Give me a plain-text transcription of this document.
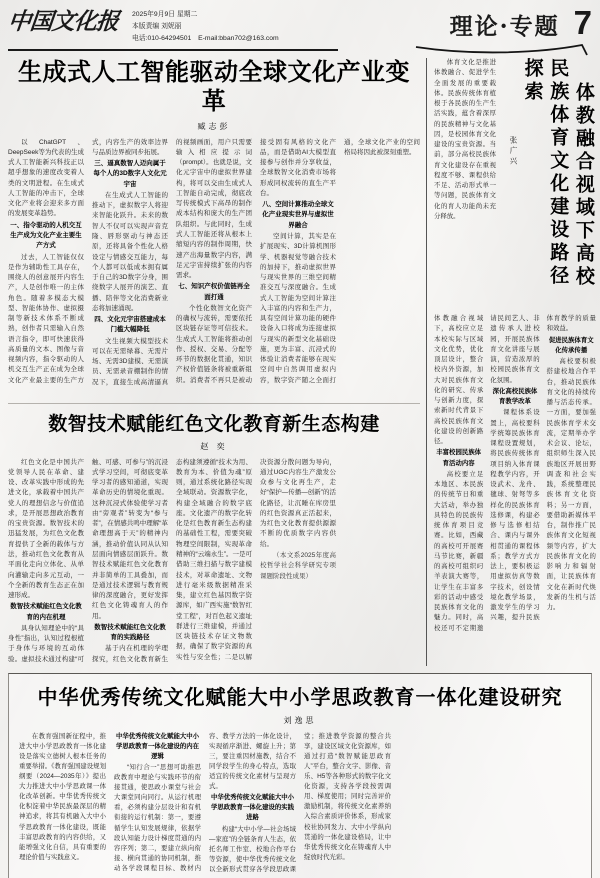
中国文化报 2025年9月9日 星期二
本版责编 刘妮丽
电话:010-64294501　E-mail:bban702@163.com	理论·专题 7
生成式人工智能驱动全球文化产业变革
臧志彭

以ChatGPT、DeepSeek等为代表的生成式人工智能新兴科技正以超乎想象的速度改变着人类的文明进程。在生成式人工智能的冲击下，全球文化产业将会迎来多方面的发展变革趋势。

一、指令驱动的人机交互生产成为文化产业主要生产方式

过去，人工智能仅仅是作为辅助性工具存在，围绕人的创意展开内容生产，人是创作唯一的主体角色。随着多模态大模型、智能体协作、虚拟摄制等新技术体系不断成熟，创作者只需输入自然语言指令，即可快速获得高质量的文本、图像与音视频内容，指令驱动的人机交互生产正在成为全球文化产业最主要的生产方式，内容生产的效率边界与品质边界被同步拓展。

三、逼真数智人迈向属于每个人的3D数字人文化元宇宙

在生成式人工智能的推动下，虚拟数字人将迎来智能化跃升。未来的数智人不仅可以实现声音克隆、唇形驱动与神态还原，还将具备个性化人格设定与情感交互能力，每个人都可以低成本拥有属于自己的3D数字分身，围绕数字人展开的演艺、直播、陪伴等文化消费新业态将加速涌现。

四、文化元宇宙搭建成本门槛大幅降低

文生视频大模型技术可以在无需绿幕、无需片场、无需3D建模、无需演员、无需录音棚制作的情况下，直接生成高清逼真的视频画面，用户只需要输入相应提示词（prompt）。也就是说，文化元宇宙中的虚拟世界建构，将可以交由生成式人工智能自动完成，彻底改写传统模式下高昂的制作成本结构和庞大的生产团队组织。与此同时，生成式人工智能还将从根本上缩短内容的制作周期，快速产出海量数字内容，满足元宇宙持续扩张的内容需求。

七、知识产权价值链再全面打通

个性化数智文化资产的确权与流转，需要依托区块链存证等可信技术。生成式人工智能将推动创作、授权、交易、分配等环节的数据化贯通，知识产权价值链条将被重新组织。消费者不再只是被动接受固有风格的文化产品，而是借助AI大模型直接参与创作并分享收益，全球数智文化消费市场将形成同权流转的直生产平台。

八、空间计算推动全球文化产业现实世界与虚拟世界融合

空间计算，其实是在扩展现实、3D计算机图形学、机器视觉等融合技术的加持下，推动虚拟世界与现实世界的三维空间精准交互与深度融合。生成式人工智能为空间计算注入丰富的内容和生产力，具有空间计算功能的硬件设备入口将成为连接虚拟与现实的新型文化基础设施，更为丰富、沉浸式的体验让消费者能够在现实空间中自然调用虚拟内容，数字资产随之全面打通，全球文化产业的空间格局将因此被深刻重塑。

数智技术赋能红色文化教育新生态构建
赵 奕

红色文化是中国共产党领导人民在革命、建设、改革实践中形成的先进文化，承载着中国共产党人的理想信念与价值追求，是开展思想政治教育的宝贵资源。数智技术的迅猛发展，为红色文化教育提供了全新的载体与方法，推动红色文化教育从平面化走向立体化、从单向灌输走向多元互动，一个全新的教育生态正在加速形成。

数智技术赋能红色文化教育的内在机理

具身认知理论中的“具身性”指出，认知过程根植于身体与环境的互动体验。虚拟技术通过构建“可触、可感、可参与”的沉浸式学习空间，可彻底变革学习者的感知通道，实现革命历史的情境化重现。这种沉浸式体验使学习者由“旁观者”转变为“参与者”，在情感共鸣中理解“革命理想高于天”的精神内涵，推动价值认同从认知层面向情感层面跃升。数智技术赋能红色文化教育并非简单的工具叠加，而是通过技术逻辑与教育规律的深度融合，更好发挥红色文化铸魂育人的作用。

数智技术赋能红色文化教育的实践路径

基于内在机理的学理探究，红色文化教育新生态构建须遵循“技术为用、教育为本、价值为魂”原则，通过系统化路径实现全域联动。资源数字化，构建全域融合的数字底座。文化遗产的数字化转化是红色教育新生态构建的基础性工程，需要突破物理空间限制，实现革命精神的“云端永生”。一是可借助三维扫描与数字建模技术，对革命遗址、文物进行毫米级数据精准采集，建立红色基因数字资源库，如广西实施“数智红堂工程”，对百色起义遗址群进行三维建模，并通过区块链技术存证文物数据，确保了数字资源的真实性与安全性；二是以解决资源分散问题为导向，通过UGC内容生产激发公众参与文化再生产，走好“保护—传播—创新”的活化路径，让沉睡在库房里的红色资源真正活起来，为红色文化教育提供源源不断的优质数字内容供给。

（本文系2025年度高校哲学社会科学研究专项课题阶段性成果）

体育文化是推进体教融合、促进学生全面发展的重要载体。民族传统体育植根于各民族的生产生活实践，蕴含着深厚的民族精神与文化基因，是校园体育文化建设的宝贵资源。当前，部分高校民族体育文化建设存在重视程度不够、课程供给不足、活动形式单一等问题，民族体育文化的育人功能尚未充分释放。

张广兴	体教融合视域下高校
民族体育文化建设路径探索

体教融合视域下，高校应立足本校实际与区域文化优势，优化顶层设计，整合校内外资源，加大对民族体育文化的研究、传承与创新力度，探索新时代背景下高校民族体育文化建设的创新路径。

丰富校园民族体育活动内容

高校要立足本地区、本民族的传统节日和重大活动，举办独具特色的民族传统体育项目竞赛。比如，西藏的高校可开展赛马节比赛，新疆的高校可组织叼羊表演大赛等，让学生在丰富多彩的活动中感受民族体育文化的魅力。同时，高校还可不定期邀请民间艺人、非遗传承人进校园，开展民族体育文化讲座与展演，营造浓厚的校园民族体育文化氛围。

深化高校民族体育教学改革

课程体系设置上，高校要科学统筹民族体育课程设置规划，将民族传统体育项目纳入体育课程教学内容，开设武术、龙舟、毽球、射弩等多样化的民族体育选修课，构建必修与选修相结合、课内与课外相贯通的课程体系；教学方式方法上，要积极运用虚拟仿真等数字技术，创设情境化教学场景，激发学生的学习兴趣，提升民族体育教学的质量和效益。

促进民族体育文化传承传播

高校要积极搭建校地合作平台，推动民族体育文化的持续传播与活态传承。一方面，要加强民族体育学术交流，定期举办学术会议、论坛，组织师生深入民族地区开展田野调查和社会实践，系统整理民族体育文化资料；另一方面，要借助新媒体平台，制作推广民族体育文化短视频等内容，扩大民族体育文化的影响力和辐射面，让民族体育文化在新时代焕发新的生机与活力。

中华优秀传统文化赋能大中小学思政教育一体化建设研究
刘逸思

在教育强国新征程中，推进大中小学思政教育一体化建设是落实立德树人根本任务的重要举措。《教育强国建设规划纲要（2024—2035年）》提出大力推进大中小学思政课一体化改革创新。中华优秀传统文化积淀着中华民族最深层的精神追求，将其有机融入大中小学思政教育一体化建设，既能丰富思政教育的内容供给，又能增强文化自信，具有重要的理论价值与实践意义。

中华优秀传统文化赋能大中小学思政教育一体化建设的内在逻辑

“知行合一”思想可助推思政教育中理论与实践环节的衔接贯通，使思政小课堂与社会大课堂同向同行。从运行机理看，必须构建分层设计和有机衔接的运行机制：第一，要遵循学生认知发展规律，依据学段认知能力设计梯度贯通的内容序列；第二，要建立纵向衔接、横向贯通的协同机制，推动各学段课程目标、教材内容、教学方法的一体化设计，实现循序渐进、螺旋上升；第三，要注重因材施教，结合不同学段学生的身心特点，选取适宜的传统文化素材与呈现方式。

中华优秀传统文化赋能大中小学思政教育一体化建设的实践进路

构建“大中小学—社会场域—家庭”的全链条育人生态，依托名师工作室、校地合作平台等资源，使中华优秀传统文化以全新形式贯穿各学段思政课堂；推进教学资源的整合共享，建设区域文化资源库，如通过打造“数智赋能思政育人”平台，整合文字、影像、音乐、H5等各种形式的数字化文化资源，支持各学段按需调用、梯度使用；同时完善评价激励机制，将传统文化素养纳入综合素质评价体系，形成家校社协同发力、大中小学纵向贯通的一体化建设格局，让中华优秀传统文化在铸魂育人中绽放时代光彩。
